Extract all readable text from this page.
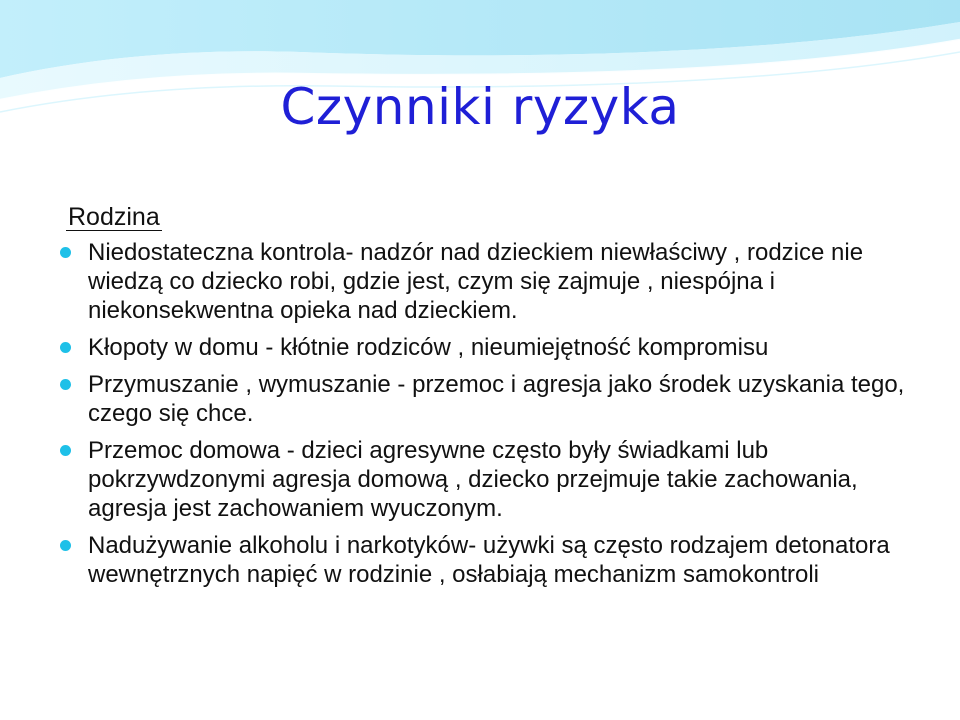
Czynniki ryzyka
Rodzina
Niedostateczna kontrola- nadzór nad dzieckiem niewłaściwy , rodzice nie wiedzą co dziecko robi, gdzie jest, czym się zajmuje , niespójna i niekonsekwentna opieka nad dzieckiem.
Kłopoty w domu - kłótnie rodziców , nieumiejętność kompromisu
Przymuszanie , wymuszanie - przemoc i agresja jako środek uzyskania tego, czego się chce.
Przemoc domowa - dzieci agresywne często były świadkami lub pokrzywdzonymi agresja domową , dziecko przejmuje takie zachowania, agresja jest zachowaniem wyuczonym.
Nadużywanie alkoholu i narkotyków- używki są często rodzajem detonatora wewnętrznych napięć w rodzinie , osłabiają mechanizm samokontroli
